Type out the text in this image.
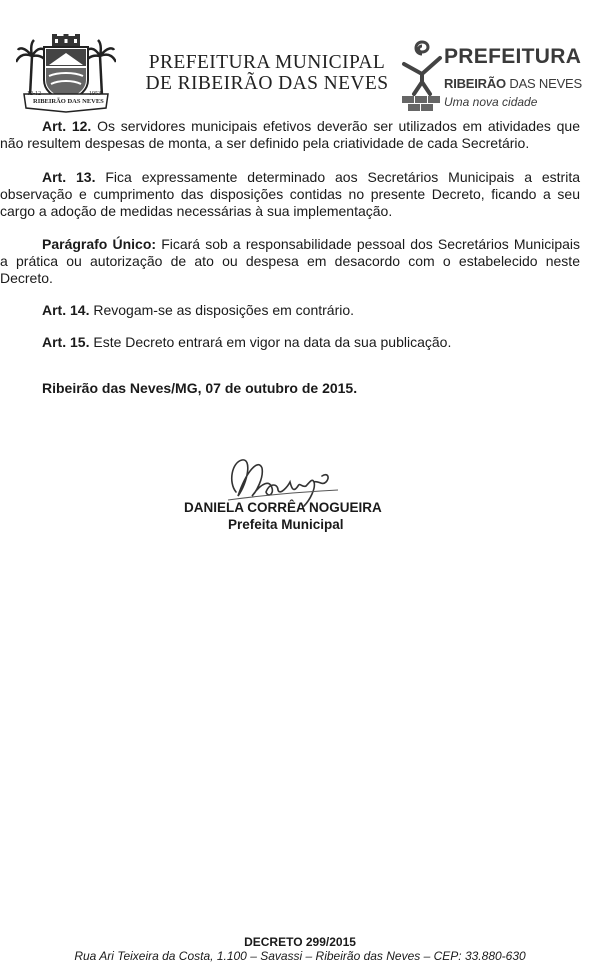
RIBEIRÃO DAS NEVES
12-12	1953
PREFEITURA MUNICIPAL
DE RIBEIRÃO DAS NEVES
PREFEITURA
RIBEIRÃO DAS NEVES
Uma nova cidade

Art. 12. Os servidores municipais efetivos deverão ser utilizados em atividades que não resultem despesas de monta, a ser definido pela criatividade de cada Secretário.

Art. 13. Fica expressamente determinado aos Secretários Municipais a estrita observação e cumprimento das disposições contidas no presente Decreto, ficando a seu cargo a adoção de medidas necessárias à sua implementação.

Parágrafo Único: Ficará sob a responsabilidade pessoal dos Secretários Municipais a prática ou autorização de ato ou despesa em desacordo com o estabelecido neste Decreto.

Art. 14. Revogam-se as disposições em contrário.

Art. 15. Este Decreto entrará em vigor na data da sua publicação.

Ribeirão das Neves/MG, 07 de outubro de 2015.

DANIELA CORRÊA NOGUEIRA
Prefeita Municipal
DECRETO 299/2015
Rua Ari Teixeira da Costa, 1.100 – Savassi – Ribeirão das Neves – CEP: 33.880-630
